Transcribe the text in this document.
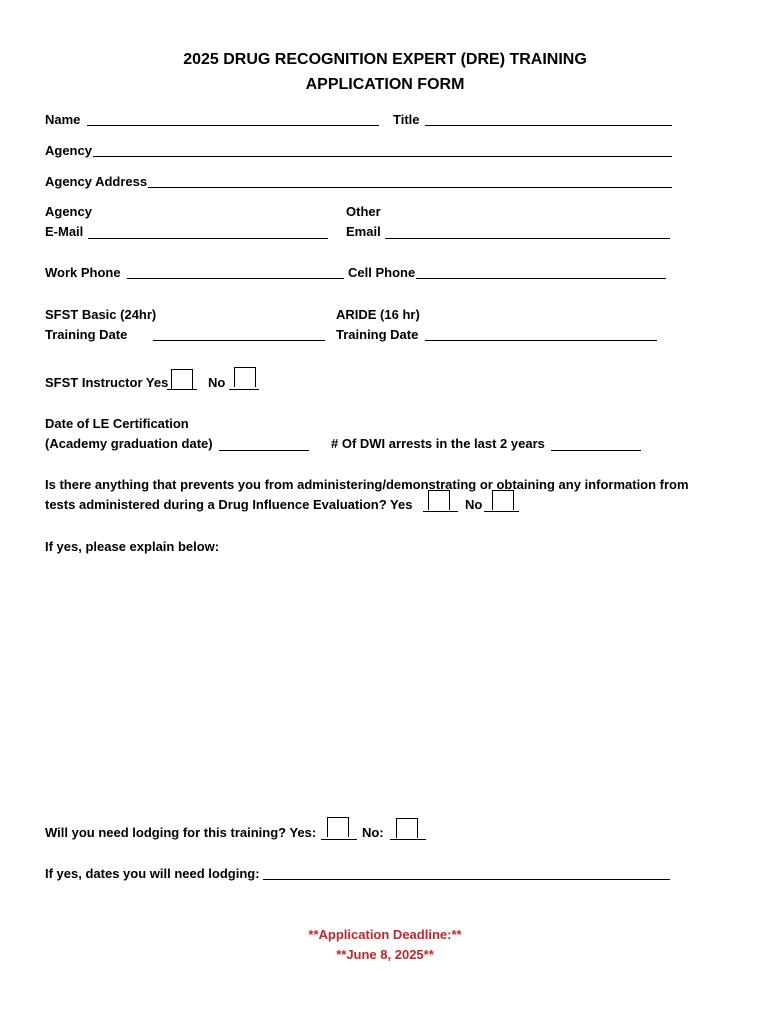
2025 DRUG RECOGNITION EXPERT (DRE) TRAINING
APPLICATION FORM
Name	Title
Agency
Agency Address
Agency
E-Mail
Other
Email
Work Phone	Cell Phone
SFST Basic (24hr)
Training Date
ARIDE (16 hr)
Training Date
SFST Instructor Yes	No
Date of LE Certification
(Academy graduation date)	# Of DWI arrests in the last 2 years
Is there anything that prevents you from administering/demonstrating or obtaining any information from
tests administered during a Drug Influence Evaluation? Yes	No
If yes, please explain below:
Will you need lodging for this training? Yes:	No:
If yes, dates you will need lodging:
**Application Deadline:**
**June 8, 2025**
